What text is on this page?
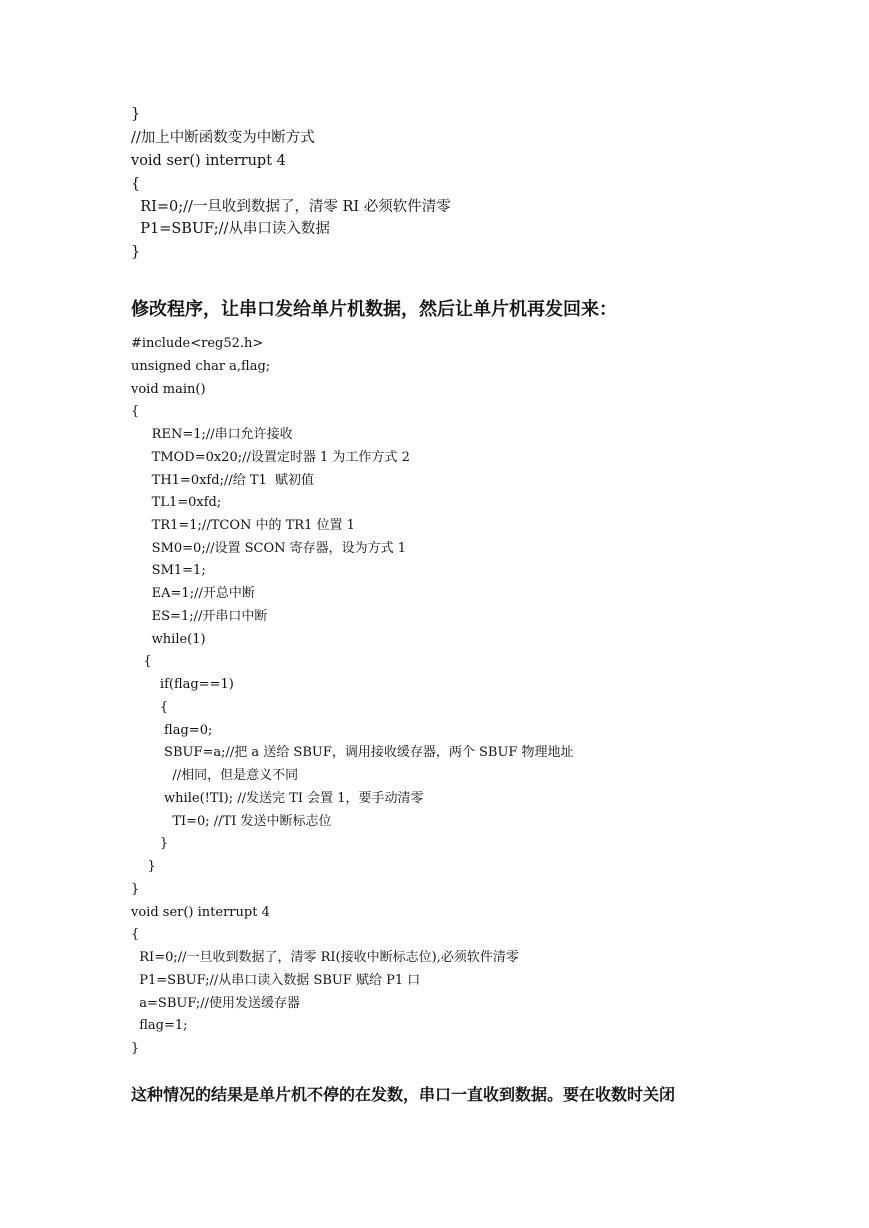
}
//加上中断函数变为中断方式
void ser() interrupt 4
{
RI=0;//一旦收到数据了，清零 RI 必须软件清零
P1=SBUF;//从串口读入数据
}
修改程序，让串口发给单片机数据，然后让单片机再发回来：
#include<reg52.h>
unsigned char a,flag;
void main()
{
REN=1;//串口允许接收
TMOD=0x20;//设置定时器 1 为工作方式 2
TH1=0xfd;//给 T1  赋初值
TL1=0xfd;
TR1=1;//TCON 中的 TR1 位置 1
SM0=0;//设置 SCON 寄存器，设为方式 1
SM1=1;
EA=1;//开总中断
ES=1;//开串口中断
while(1)
{
if(flag==1)
{
flag=0;
SBUF=a;//把 a 送给 SBUF，调用接收缓存器，两个 SBUF 物理地址
//相同，但是意义不同
while(!TI); //发送完 TI 会置 1，要手动清零
TI=0; //TI 发送中断标志位
}
}
}
void ser() interrupt 4
{
RI=0;//一旦收到数据了，清零 RI(接收中断标志位),必须软件清零
P1=SBUF;//从串口读入数据 SBUF 赋给 P1 口
a=SBUF;//使用发送缓存器
flag=1;
}
这种情况的结果是单片机不停的在发数，串口一直收到数据。要在收数时关闭
